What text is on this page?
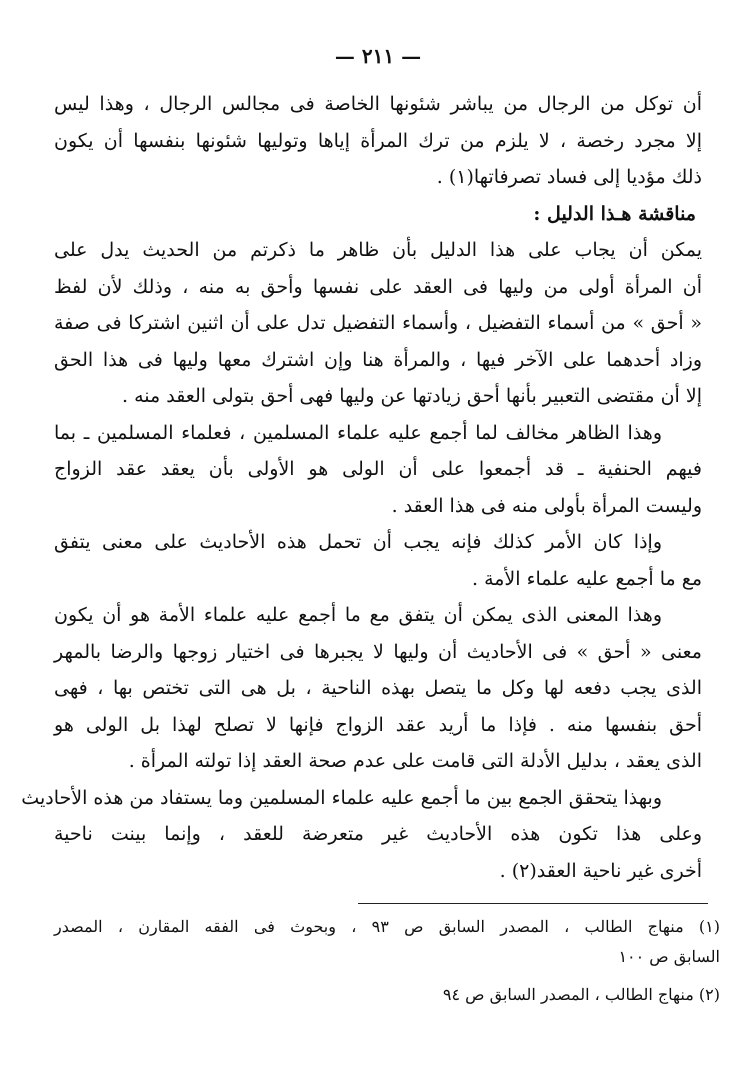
— ٢١١ —
أن توكل من الرجال من يباشر شئونها الخاصة فى مجالس الرجال ، وهذا ليس
إلا مجرد رخصة ، لا يلزم من ترك المرأة إياها وتوليها شئونها بنفسها أن يكون
ذلك مؤديا إلى فساد تصرفاتها(١) .
مناقشة هـذا الدليل :
يمكن أن يجاب على هذا الدليل بأن ظاهر ما ذكرتم من الحديث يدل على
أن المرأة أولى من وليها فى العقد على نفسها وأحق به منه ، وذلك لأن لفظ
« أحق » من أسماء التفضيل ، وأسماء التفضيل تدل على أن اثنين اشتركا فى صفة
وزاد أحدهما على الآخر فيها ، والمرأة هنا وإن اشترك معها وليها فى هذا الحق
إلا أن مقتضى التعبير بأنها أحق زيادتها عن وليها فهى أحق بتولى العقد منه .
وهذا الظاهر مخالف لما أجمع عليه علماء المسلمين ، فعلماء المسلمين ـ بما
فيهم الحنفية ـ قد أجمعوا على أن الولى هو الأولى بأن يعقد عقد الزواج
وليست المرأة بأولى منه فى هذا العقد .
وإذا كان الأمر كذلك فإنه يجب أن تحمل هذه الأحاديث على معنى يتفق
مع ما أجمع عليه علماء الأمة .
وهذا المعنى الذى يمكن أن يتفق مع ما أجمع عليه علماء الأمة هو أن يكون
معنى « أحق » فى الأحاديث أن وليها لا يجبرها فى اختيار زوجها والرضا بالمهر
الذى يجب دفعه لها وكل ما يتصل بهذه الناحية ، بل هى التى تختص بها ، فهى
أحق بنفسها منه . فإذا ما أريد عقد الزواج فإنها لا تصلح لهذا بل الولى هو
الذى يعقد ، بدليل الأدلة التى قامت على عدم صحة العقد إذا تولته المرأة .
وبهذا يتحقق الجمع بين ما أجمع عليه علماء المسلمين وما يستفاد من هذه الأحاديث
وعلى هذا تكون هذه الأحاديث غير متعرضة للعقد ، وإنما بينت ناحية
أخرى غير ناحية العقد(٢) .
(١) منهاج الطالب ، المصدر السابق ص ٩٣ ، وبحوث فى الفقه المقارن ، المصدر
السابق ص ١٠٠
(٢) منهاج الطالب ، المصدر السابق ص ٩٤
